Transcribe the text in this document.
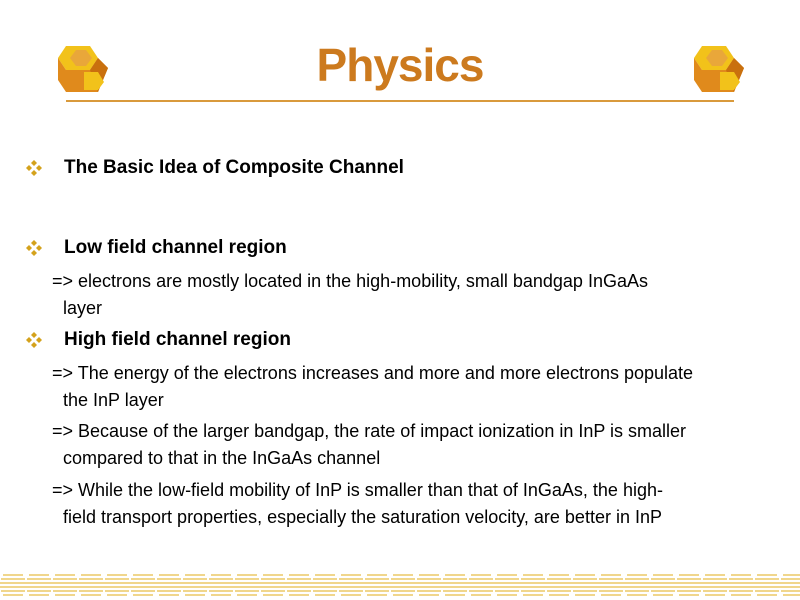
Physics
The Basic Idea of Composite Channel
Low field channel region
=> electrons are mostly located in the high-mobility, small bandgap InGaAs
layer
High field channel region
=> The energy of the electrons increases and more and more electrons populate
the InP layer
=> Because of the larger bandgap, the rate of impact ionization in InP is smaller
compared to that in the InGaAs channel
=> While the low-field mobility of InP is smaller than that of InGaAs, the high-
field transport properties, especially the saturation velocity, are better in InP
